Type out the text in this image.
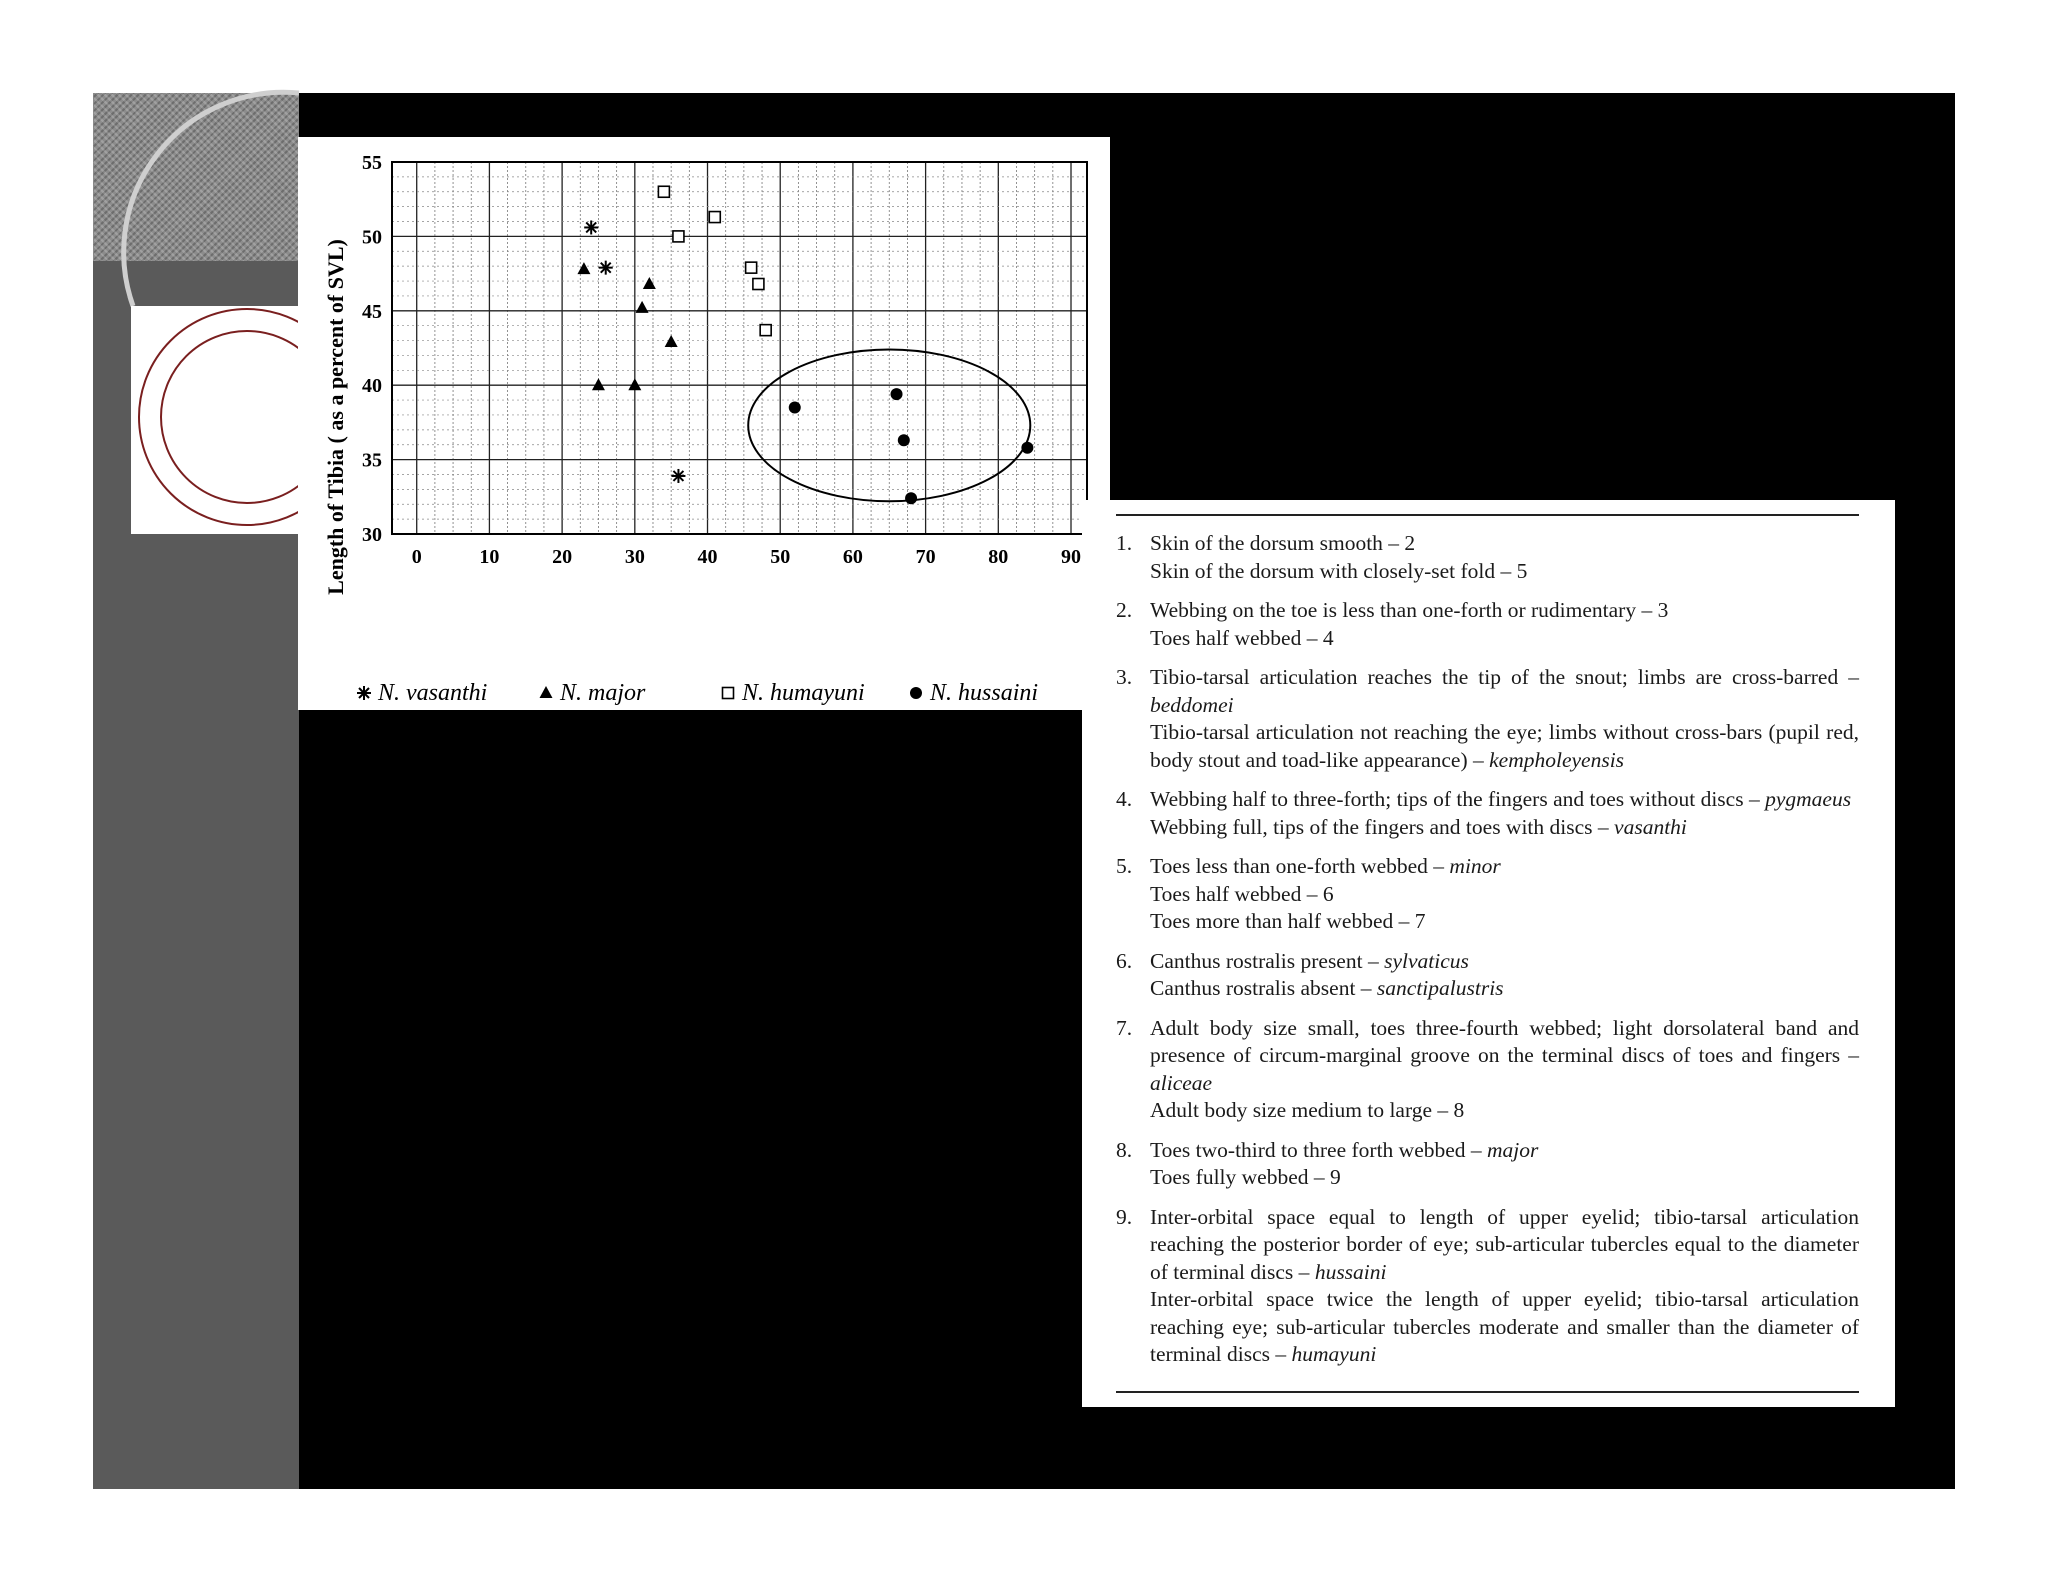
30
35
40
45
50
55
0	10	20	30	40	50	60	70	80	90
SVL
Length of Tibia ( as a percent of SVL)
N. vasanthi	N. major	N. humayuni	N. hussaini
1. Skin of the dorsum smooth – 2
Skin of the dorsum with closely-set fold – 5
2. Webbing on the toe is less than one-forth or rudimentary – 3
Toes half webbed – 4
3. Tibio-tarsal articulation reaches the tip of the snout; limbs are cross-barred – beddomei
Tibio-tarsal articulation not reaching the eye; limbs without cross-bars (pupil red, body stout and toad-like appearance) – kempholeyensis
4. Webbing half to three-forth; tips of the fingers and toes without discs – pygmaeus
Webbing full, tips of the fingers and toes with discs – vasanthi
5. Toes less than one-forth webbed – minor
Toes half webbed – 6
Toes more than half webbed – 7
6. Canthus rostralis present – sylvaticus
Canthus rostralis absent – sanctipalustris
7. Adult body size small, toes three-fourth webbed; light dorsolateral band and presence of circum-marginal groove on the terminal discs of toes and fingers – aliceae
Adult body size medium to large – 8
8. Toes two-third to three forth webbed – major
Toes fully webbed – 9
9. Inter-orbital space equal to length of upper eyelid; tibio-tarsal articulation reaching the posterior border of eye; sub-articular tubercles equal to the diameter of terminal discs – hussaini
Inter-orbital space twice the length of upper eyelid; tibio-tarsal articulation reaching eye; sub-articular tubercles moderate and smaller than the diameter of terminal discs – humayuni
